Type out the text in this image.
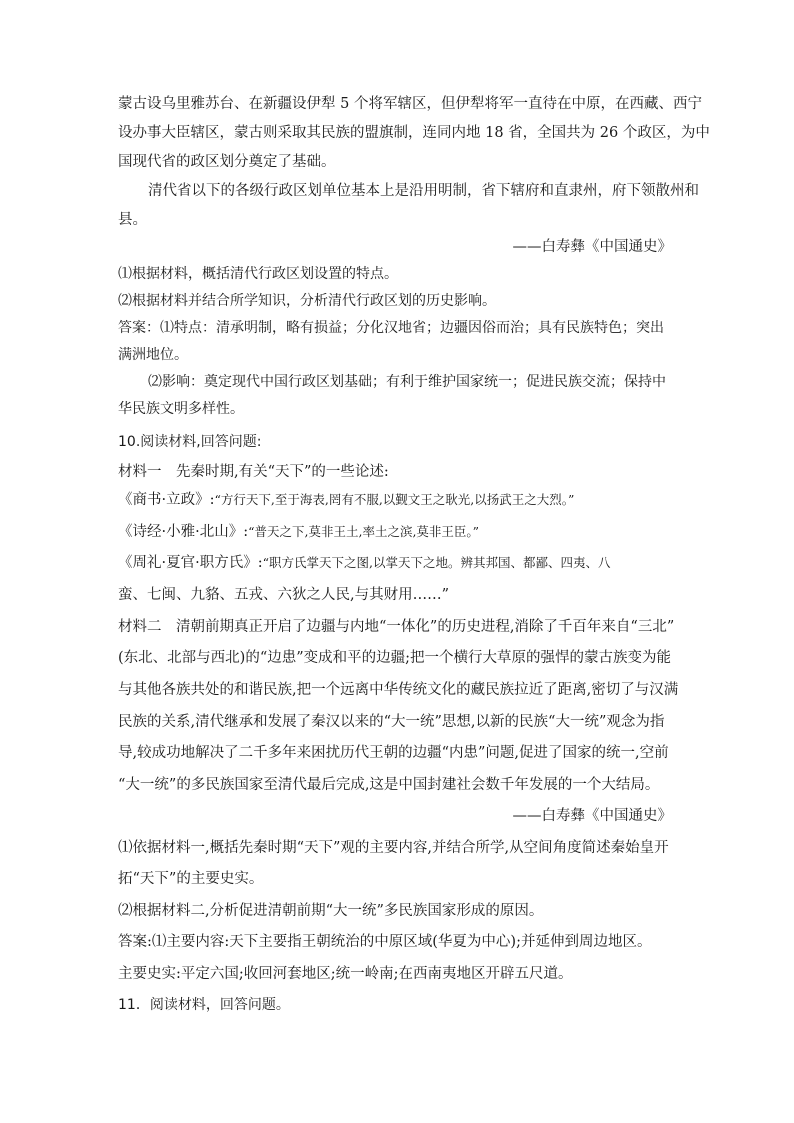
蒙古设乌里雅苏台、在新疆设伊犁 5 个将军辖区，但伊犁将军一直待在中原，在西藏、西宁
设办事大臣辖区，蒙古则采取其民族的盟旗制，连同内地 18 省，全国共为 26 个政区，为中
国现代省的政区划分奠定了基础。
清代省以下的各级行政区划单位基本上是沿用明制，省下辖府和直隶州，府下领散州和
县。
——白寿彝《中国通史》
⑴根据材料，概括清代行政区划设置的特点。
⑵根据材料并结合所学知识，分析清代行政区划的历史影响。
答案：⑴特点：清承明制，略有损益；分化汉地省；边疆因俗而治；具有民族特色；突出
满洲地位。
⑵影响：奠定现代中国行政区划基础；有利于维护国家统一；促进民族交流；保持中
华民族文明多样性。
10.阅读材料,回答问题:
材料一　先秦时期,有关“天下”的一些论述:
《商书·立政》:“方行天下,至于海表,罔有不服,以觐文王之耿光,以扬武王之大烈。”
《诗经·小雅·北山》:“普天之下,莫非王土,率土之滨,莫非王臣。”
《周礼·夏官·职方氏》:“职方氏掌天下之图,以掌天下之地。辨其邦国、都鄙、四夷、八
蛮、七闽、九貉、五戎、六狄之人民,与其财用……”
材料二　清朝前期真正开启了边疆与内地“一体化”的历史进程,消除了千百年来自“三北”
(东北、北部与西北)的“边患”变成和平的边疆;把一个横行大草原的强悍的蒙古族变为能
与其他各族共处的和谐民族,把一个远离中华传统文化的藏民族拉近了距离,密切了与汉满
民族的关系,清代继承和发展了秦汉以来的“大一统”思想,以新的民族“大一统”观念为指
导,较成功地解决了二千多年来困扰历代王朝的边疆“内患”问题,促进了国家的统一,空前
“大一统”的多民族国家至清代最后完成,这是中国封建社会数千年发展的一个大结局。
——白寿彝《中国通史》
⑴依据材料一,概括先秦时期“天下”观的主要内容,并结合所学,从空间角度简述秦始皇开
拓“天下”的主要史实。
⑵根据材料二,分析促进清朝前期“大一统”多民族国家形成的原因。
答案:⑴主要内容:天下主要指王朝统治的中原区域(华夏为中心);并延伸到周边地区。
主要史实:平定六国;收回河套地区;统一岭南;在西南夷地区开辟五尺道。
11．阅读材料，回答问题。
